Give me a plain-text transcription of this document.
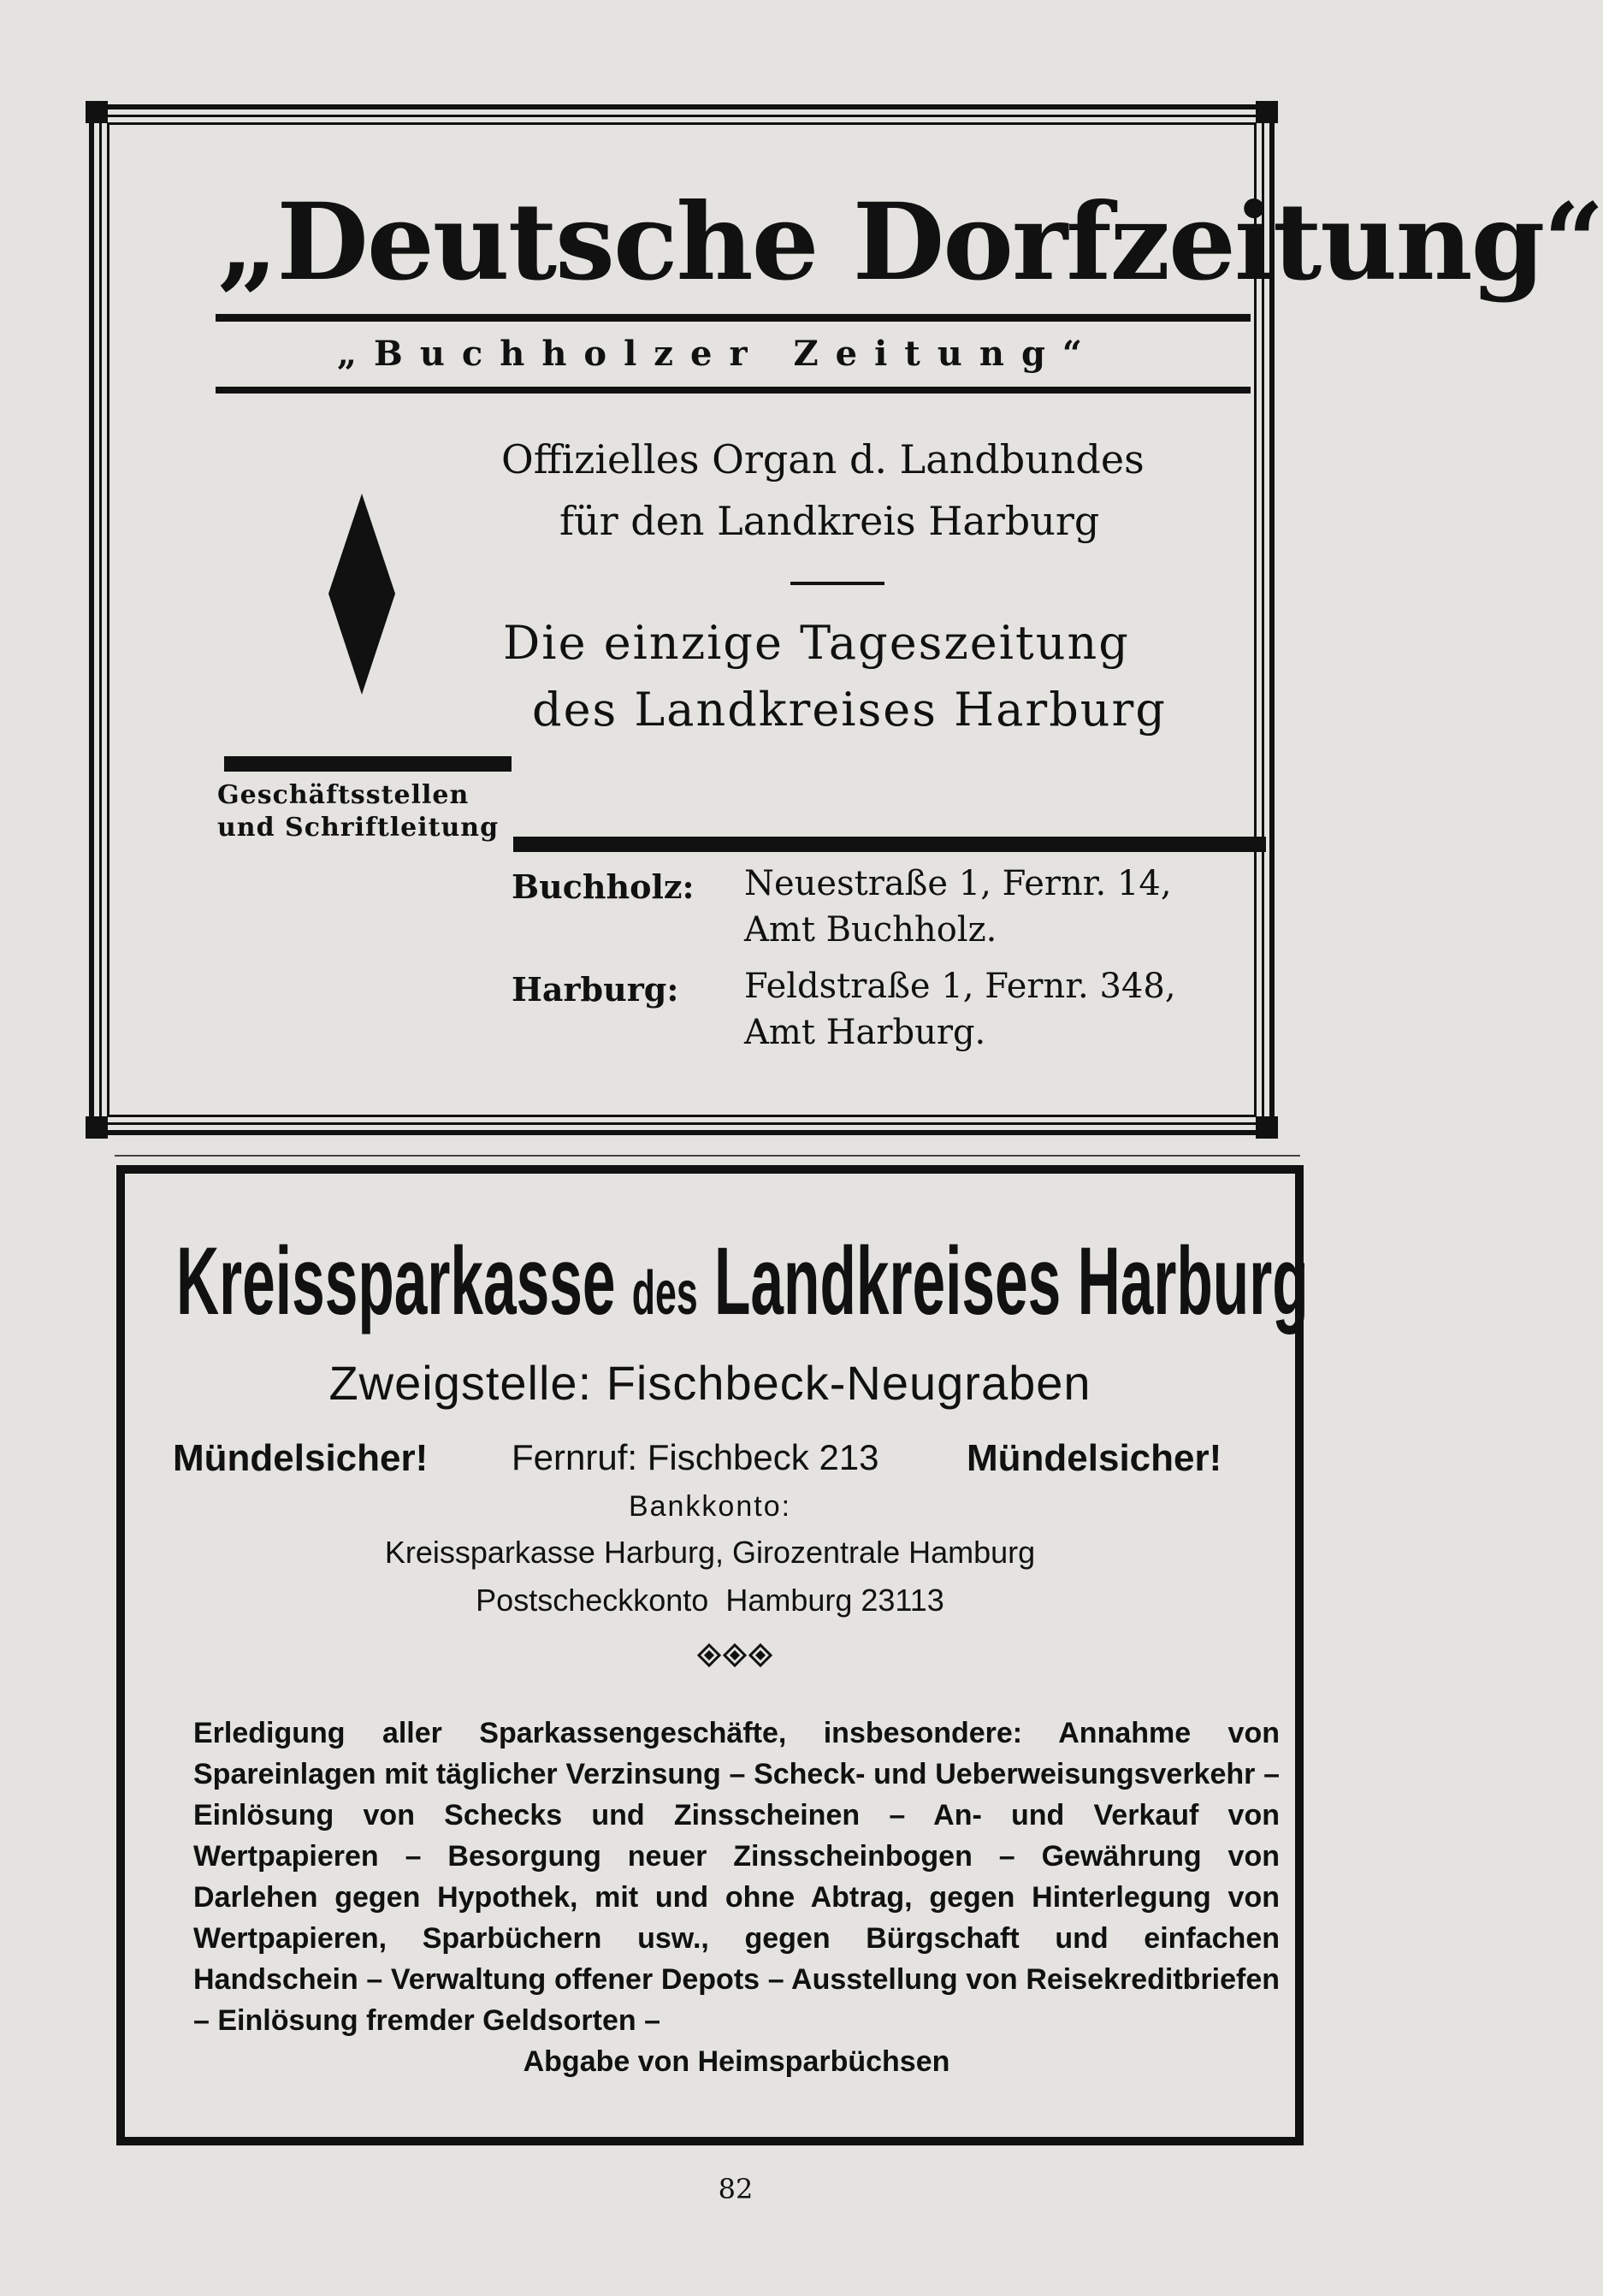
„Deutsche Dorfzeitung“
„Buchholzer Zeitung“
Offizielles Organ d. Landbundes
für den Landkreis Harburg
Die einzige Tageszeitung
des Landkreises Harburg
Geschäftsstellen
und Schriftleitung
Buchholz: Neuestraße 1, Fernr. 14,
Amt Buchholz.
Harburg: Feldstraße 1, Fernr. 348,
Amt Harburg.
Kreissparkasse des Landkreises Harburg
Zweigstelle: Fischbeck-Neugraben
Mündelsicher! Fernruf: Fischbeck 213 Mündelsicher!
Bankkonto:
Kreissparkasse Harburg, Girozentrale Hamburg
Postscheckkonto  Hamburg 23113
Erledigung aller Sparkassengeschäfte, insbesondere: Annahme von Spareinlagen mit täglicher Verzinsung – Scheck- und Ueberweisungsverkehr – Einlösung von Schecks und Zinsscheinen – An- und Verkauf von Wertpapieren – Besorgung neuer Zinsscheinbogen – Gewährung von Darlehen gegen Hypothek, mit und ohne Abtrag, gegen Hinterlegung von Wertpapieren, Sparbüchern usw., gegen Bürgschaft und einfachen Handschein – Verwaltung offener Depots – Ausstellung von Reisekreditbriefen – Einlösung fremder Geldsorten –
Abgabe von Heimsparbüchsen
82
